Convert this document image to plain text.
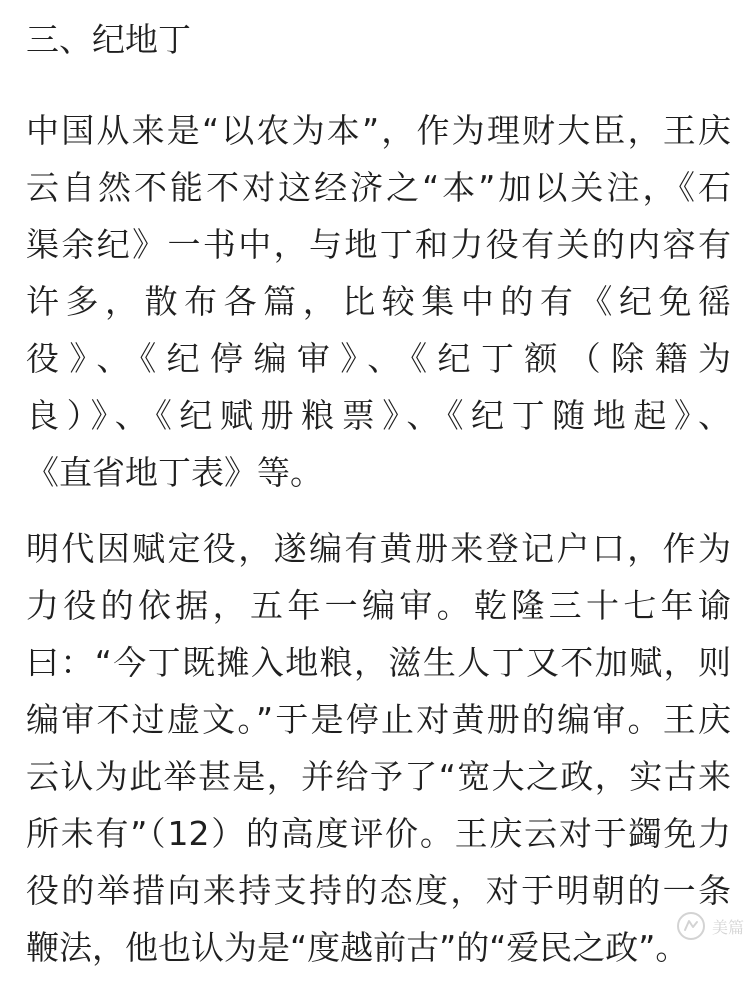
三、纪地丁
中国从来是“以农为本”，作为理财大臣，王庆
云自然不能不对这经济之“本”加以关注，《石
渠余纪》一书中，与地丁和力役有关的内容有
许多，散布各篇，比较集中的有《纪免徭
役》、《纪停编审》、《纪丁额（除籍为
良）》、《纪赋册粮票》、《纪丁随地起》、
《直省地丁表》等。
明代因赋定役，遂编有黄册来登记户口，作为
力役的依据，五年一编审。乾隆三十七年谕
曰：“今丁既摊入地粮，滋生人丁又不加赋，则
编审不过虚文。”于是停止对黄册的编审。王庆
云认为此举甚是，并给予了“宽大之政，实古来
所未有”（12）的高度评价。王庆云对于蠲免力
役的举措向来持支持的态度，对于明朝的一条
鞭法，他也认为是“度越前古”的“爱民之政”。
美篇
